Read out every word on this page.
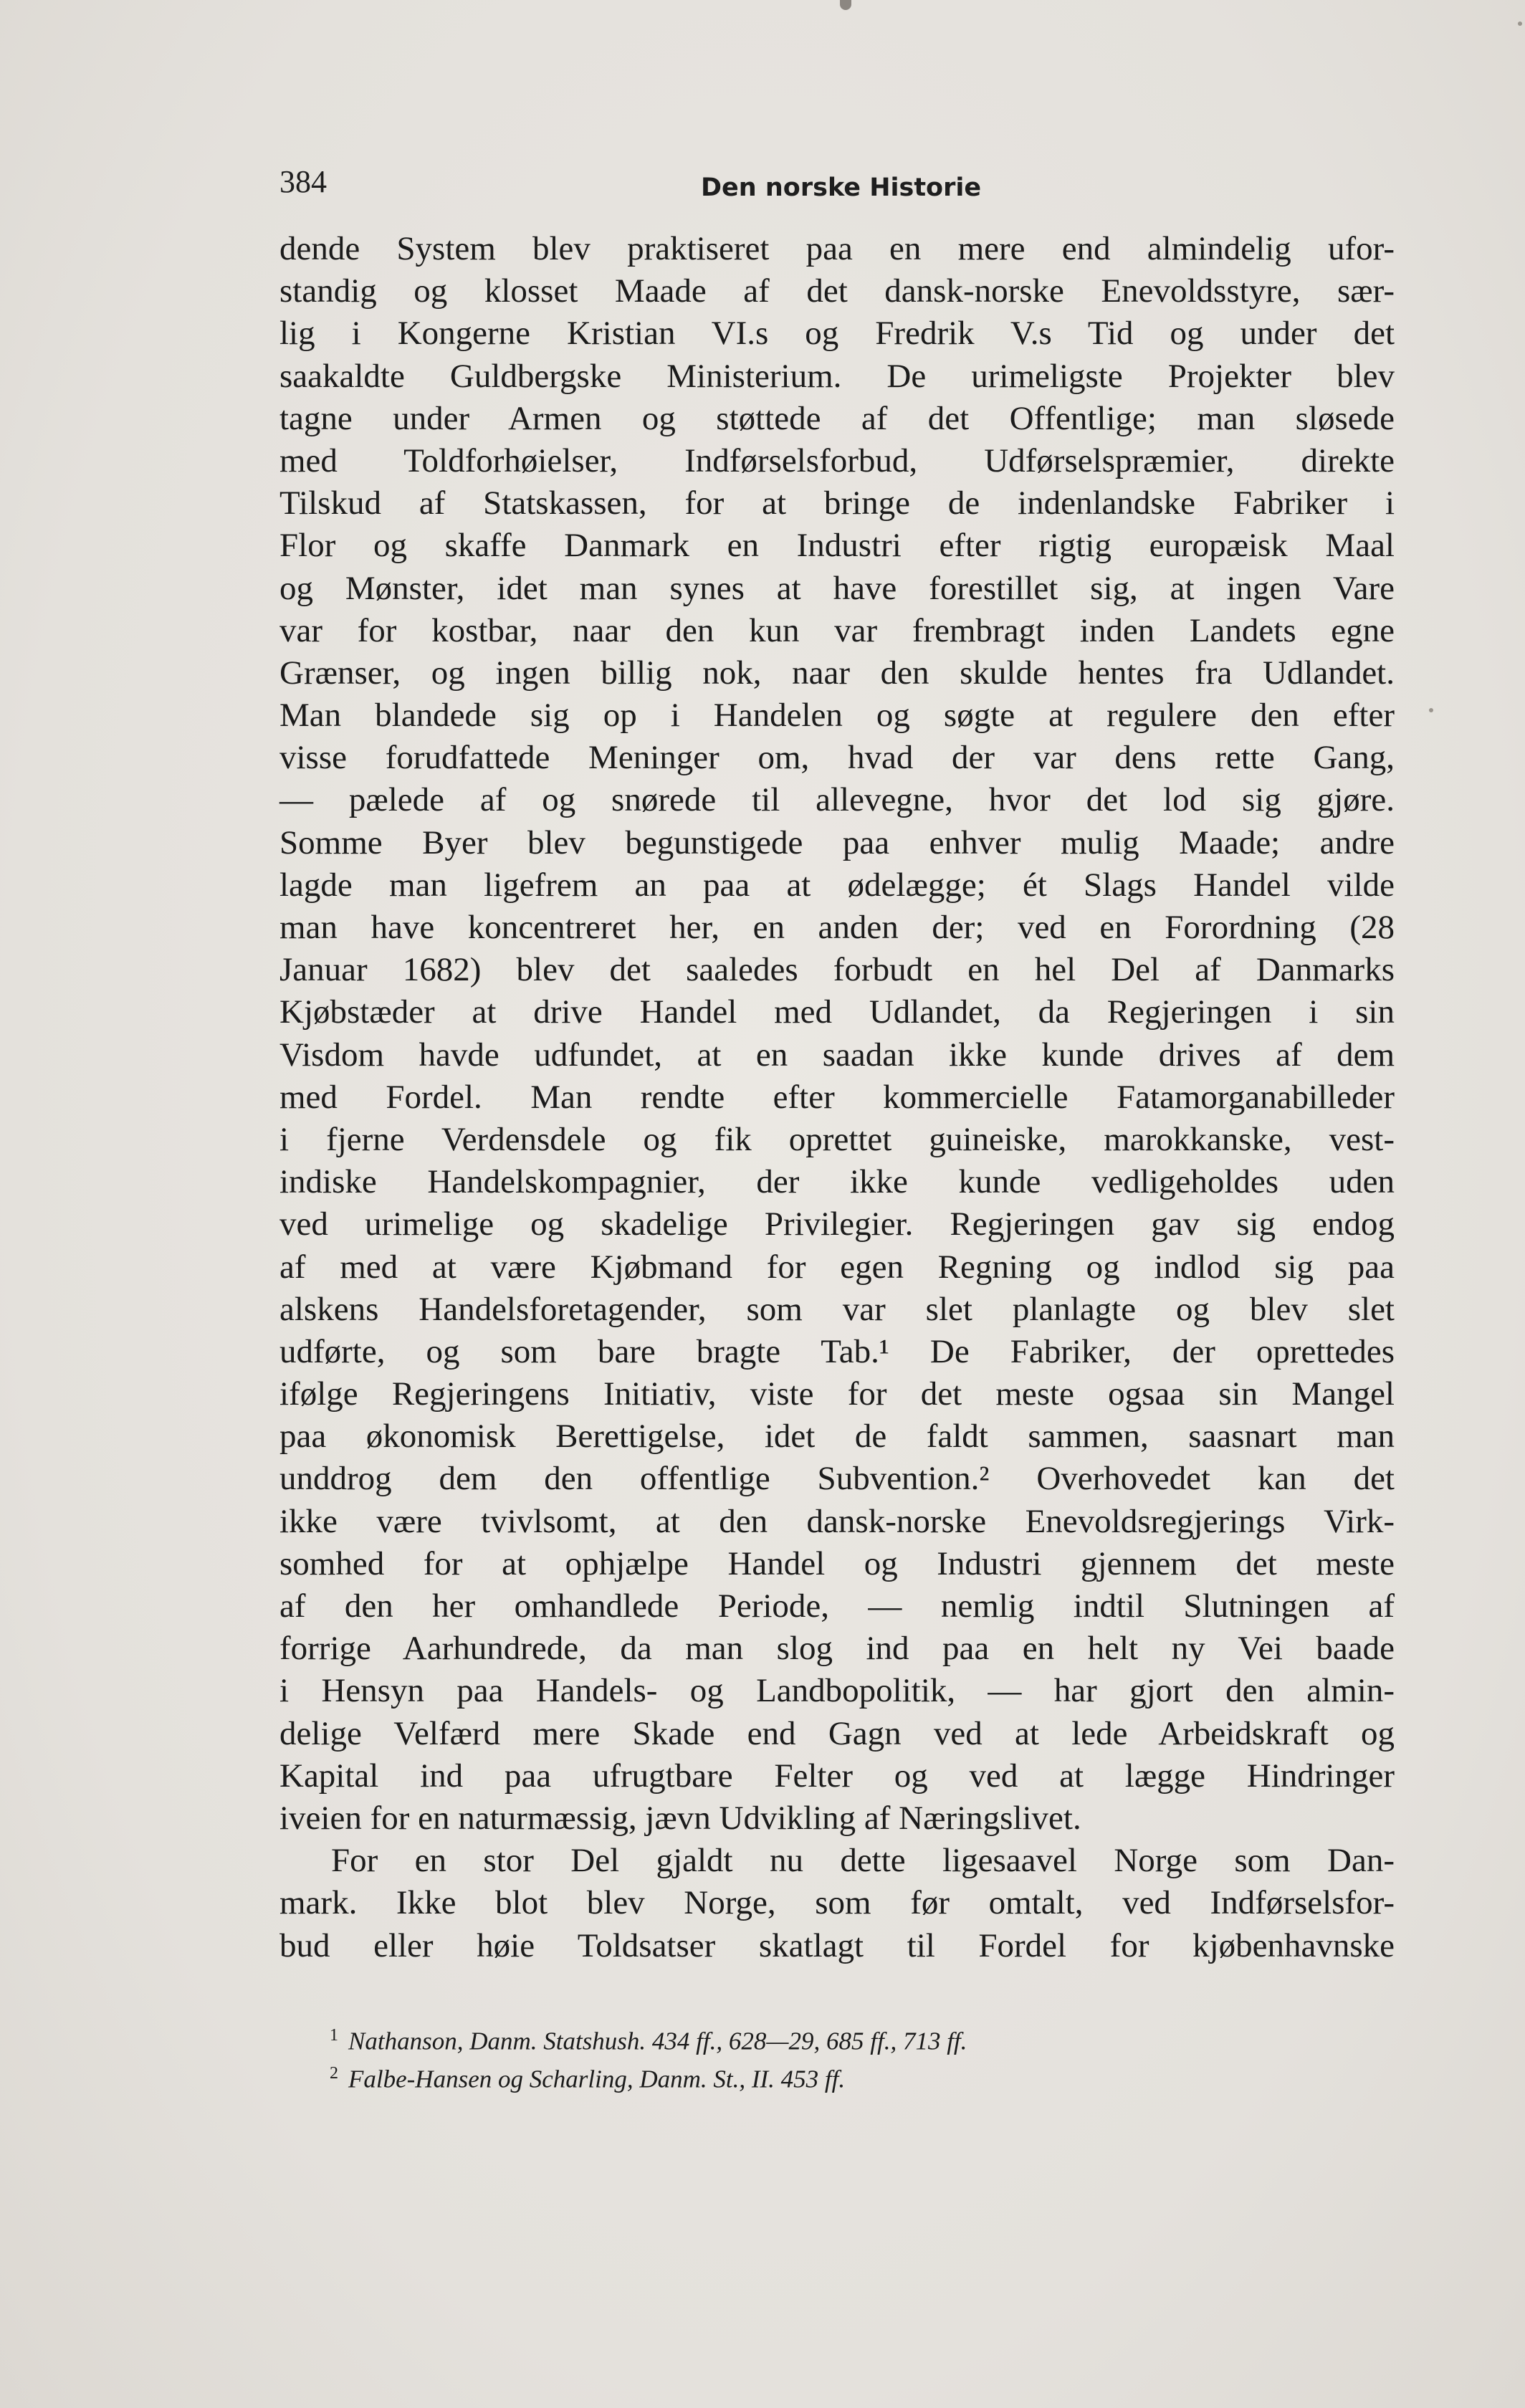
384	Den norske Historie
dende System blev praktiseret paa en mere end almindelig ufor-
standig og klosset Maade af det dansk-norske Enevoldsstyre, sær-
lig i Kongerne Kristian VI.s og Fredrik V.s Tid og under det
saakaldte Guldbergske Ministerium. De urimeligste Projekter blev
tagne under Armen og støttede af det Offentlige; man sløsede
med Toldforhøielser, Indførselsforbud, Udførselspræmier, direkte
Tilskud af Statskassen, for at bringe de indenlandske Fabriker i
Flor og skaffe Danmark en Industri efter rigtig europæisk Maal
og Mønster, idet man synes at have forestillet sig, at ingen Vare
var for kostbar, naar den kun var frembragt inden Landets egne
Grænser, og ingen billig nok, naar den skulde hentes fra Udlandet.
Man blandede sig op i Handelen og søgte at regulere den efter
visse forudfattede Meninger om, hvad der var dens rette Gang,
— pælede af og snørede til allevegne, hvor det lod sig gjøre.
Somme Byer blev begunstigede paa enhver mulig Maade; andre
lagde man ligefrem an paa at ødelægge; ét Slags Handel vilde
man have koncentreret her, en anden der; ved en Forordning (28
Januar 1682) blev det saaledes forbudt en hel Del af Danmarks
Kjøbstæder at drive Handel med Udlandet, da Regjeringen i sin
Visdom havde udfundet, at en saadan ikke kunde drives af dem
med Fordel. Man rendte efter kommercielle Fatamorganabilleder
i fjerne Verdensdele og fik oprettet guineiske, marokkanske, vest-
indiske Handelskompagnier, der ikke kunde vedligeholdes uden
ved urimelige og skadelige Privilegier. Regjeringen gav sig endog
af med at være Kjøbmand for egen Regning og indlod sig paa
alskens Handelsforetagender, som var slet planlagte og blev slet
udførte, og som bare bragte Tab.¹ De Fabriker, der oprettedes
ifølge Regjeringens Initiativ, viste for det meste ogsaa sin Mangel
paa økonomisk Berettigelse, idet de faldt sammen, saasnart man
unddrog dem den offentlige Subvention.² Overhovedet kan det
ikke være tvivlsomt, at den dansk-norske Enevoldsregjerings Virk-
somhed for at ophjælpe Handel og Industri gjennem det meste
af den her omhandlede Periode, — nemlig indtil Slutningen af
forrige Aarhundrede, da man slog ind paa en helt ny Vei baade
i Hensyn paa Handels- og Landbopolitik, — har gjort den almin-
delige Velfærd mere Skade end Gagn ved at lede Arbeidskraft og
Kapital ind paa ufrugtbare Felter og ved at lægge Hindringer
iveien for en naturmæssig, jævn Udvikling af Næringslivet.
For en stor Del gjaldt nu dette ligesaavel Norge som Dan-
mark. Ikke blot blev Norge, som før omtalt, ved Indførselsfor-
bud eller høie Toldsatser skatlagt til Fordel for kjøbenhavnske
$^1$ Nathanson, Danm. Statshush. 434 ff., 628—29, 685 ff., 713 ff.
$^2$ Falbe-Hansen og Scharling, Danm. St., II. 453 ff.
